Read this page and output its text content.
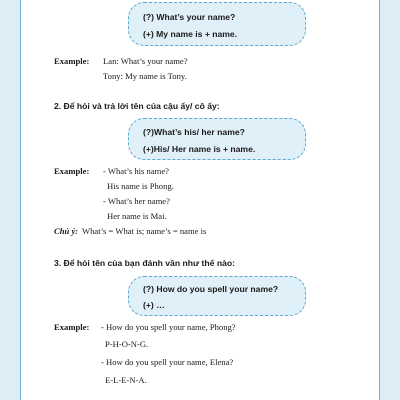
(?) What’s your name?
(+) My name is + name.
Example: Lan: What’s your name?
Tony: My name is Tony.
2. Để hỏi và trả lời tên của cậu ấy/ cô ấy:
(?)What’s his/ her name?
(+)His/ Her name is + name.
Example: - What’s his name?
His name is Phong.
- What’s her name?
Her name is Mai.
Chú ý: What’s = What is; name’s = name is
3. Để hỏi tên của bạn đánh vần như thế nào:
(?) How do you spell your name?
(+) …
Example: - How do you spell your name, Phong?
P-H-O-N-G.
- How do you spell your name, Elena?
E-L-E-N-A.
